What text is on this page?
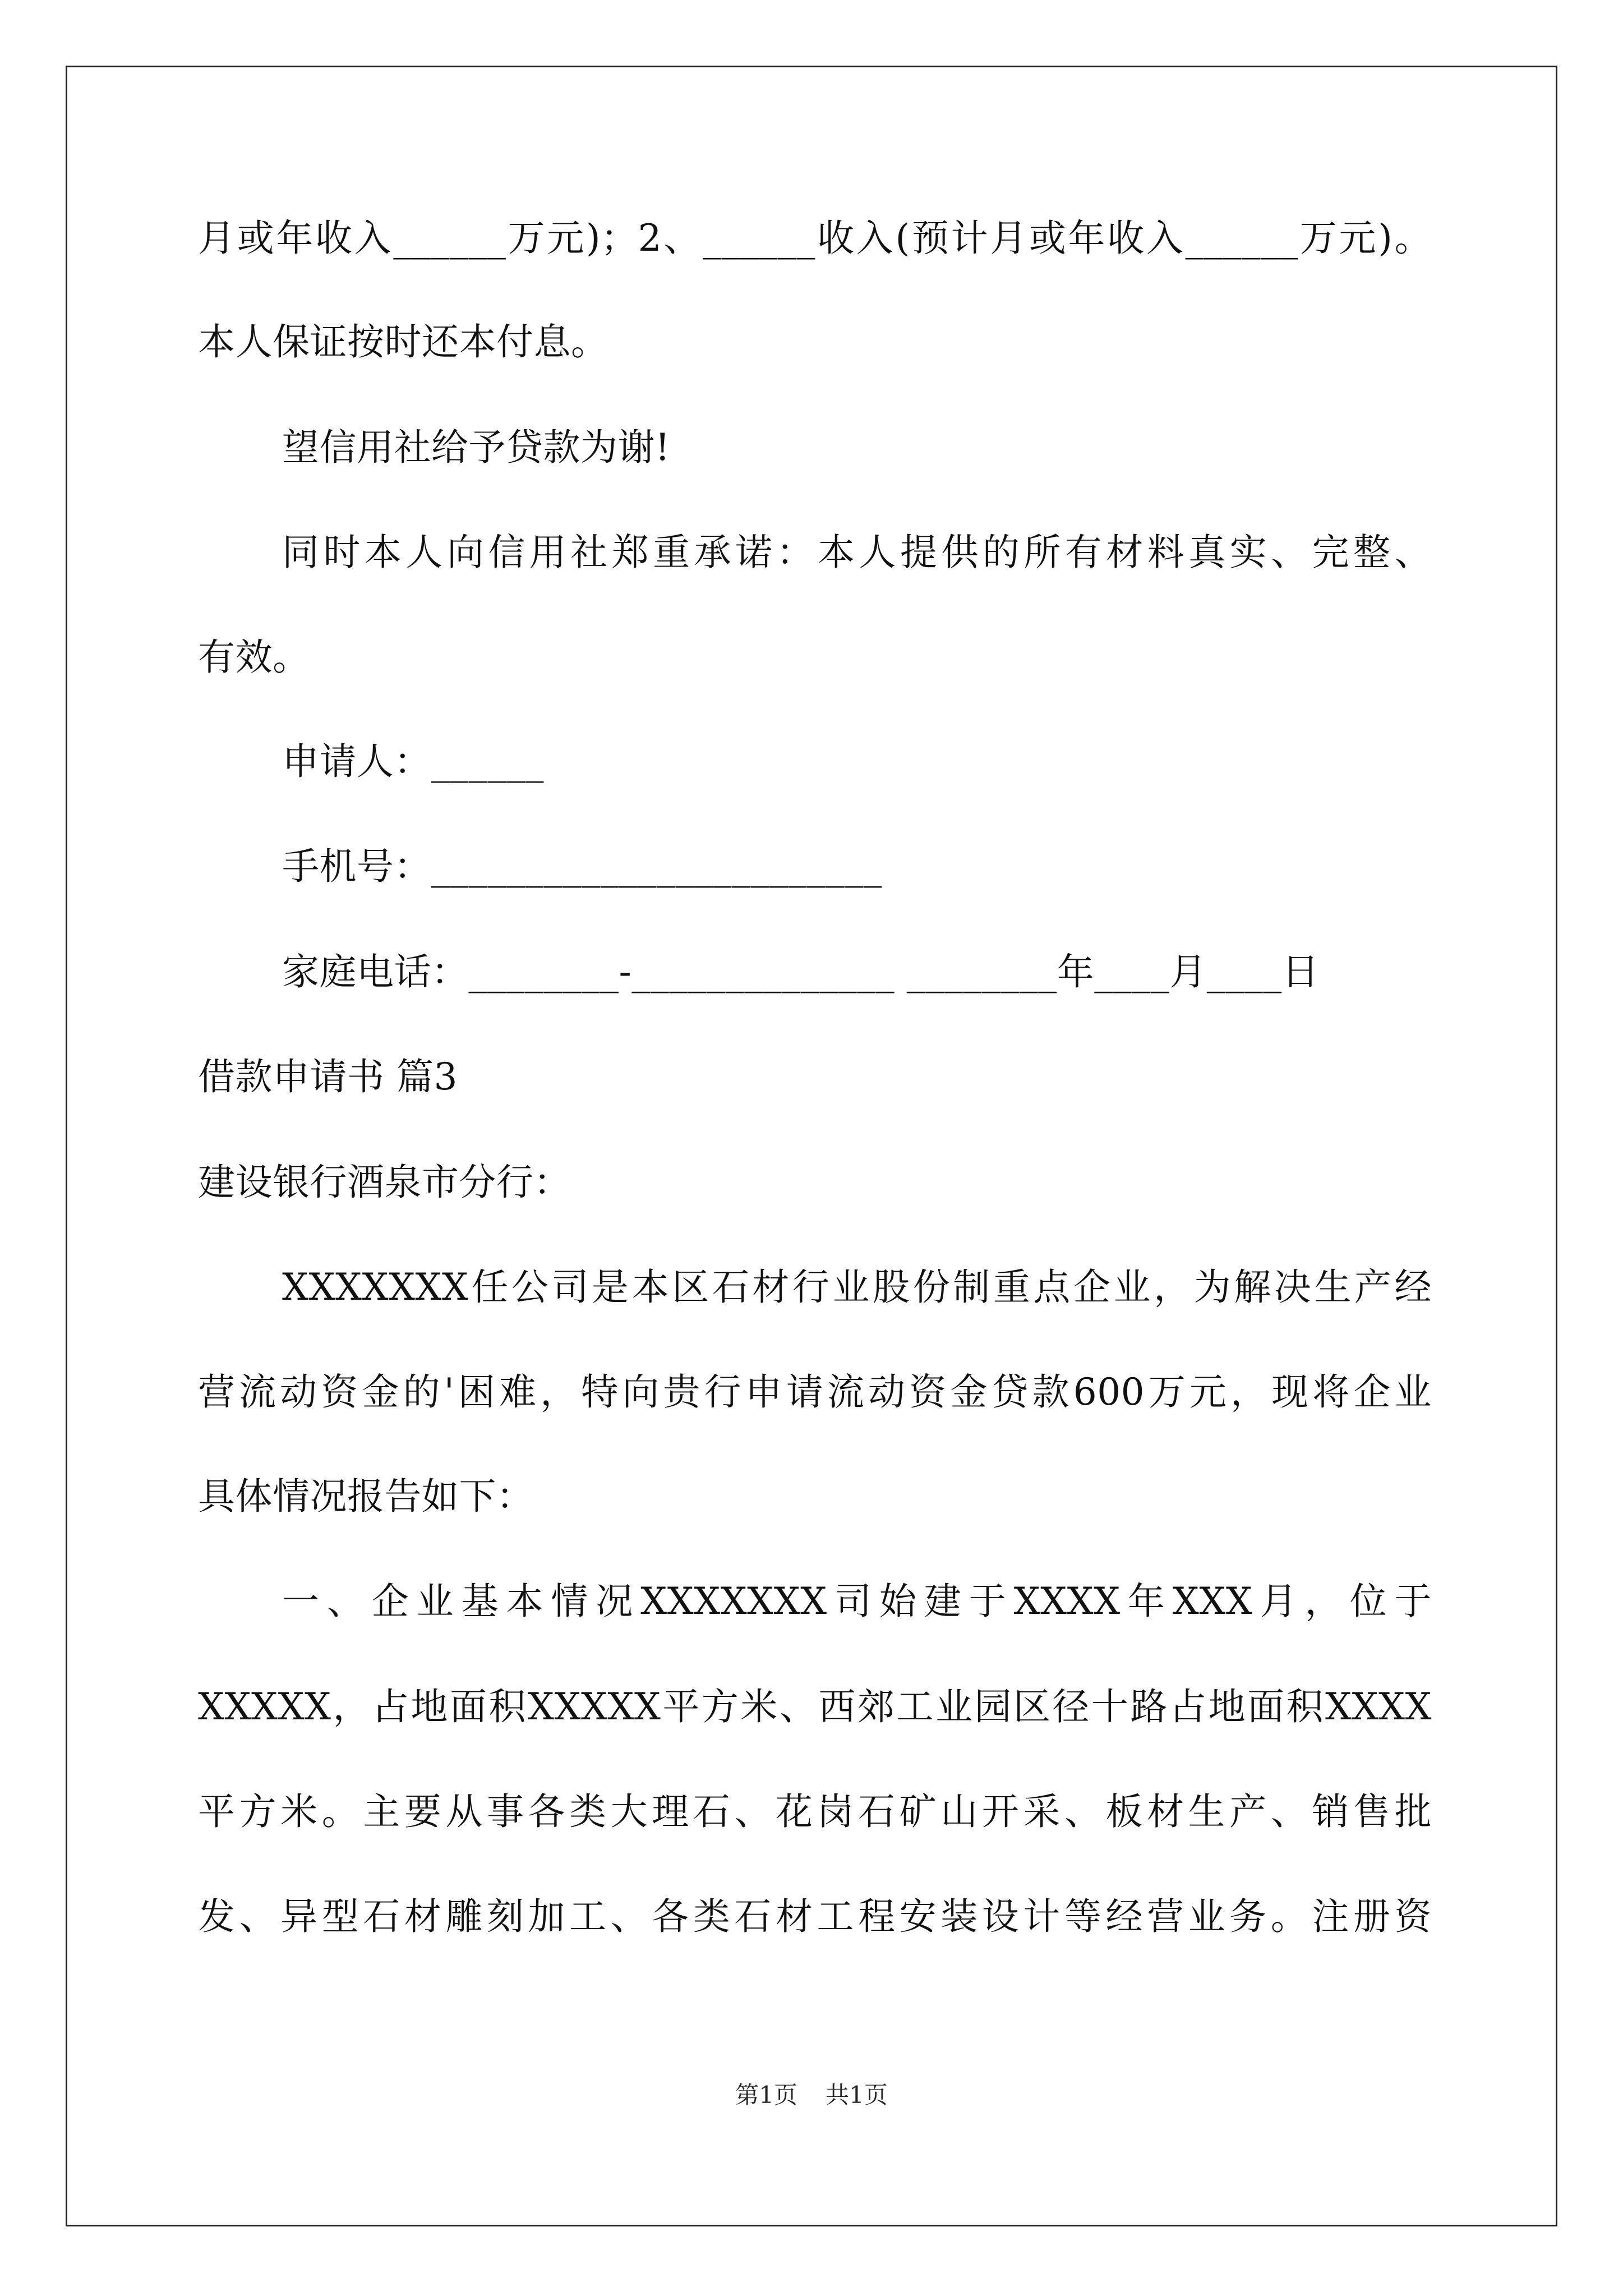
月或年收入______万元)；2、______收入(预计月或年收入______万元)。
本人保证按时还本付息。
望信用社给予贷款为谢!
同时本人向信用社郑重承诺：本人提供的所有材料真实、完整、
有效。
申请人：______
手机号：________________________
家庭电话：________-______________ ________年____月____日
借款申请书 篇3
建设银行酒泉市分行：
XXXXXXX任公司是本区石材行业股份制重点企业，为解决生产经
营流动资金的'困难，特向贵行申请流动资金贷款600万元，现将企业
具体情况报告如下：
一、企业基本情况XXXXXXX司始建于XXXX年XXX月，位于
XXXXX，占地面积XXXXX平方米、西郊工业园区径十路占地面积XXXX
平方米。主要从事各类大理石、花岗石矿山开采、板材生产、销售批
发、异型石材雕刻加工、各类石材工程安装设计等经营业务。注册资
第1页 共1页
